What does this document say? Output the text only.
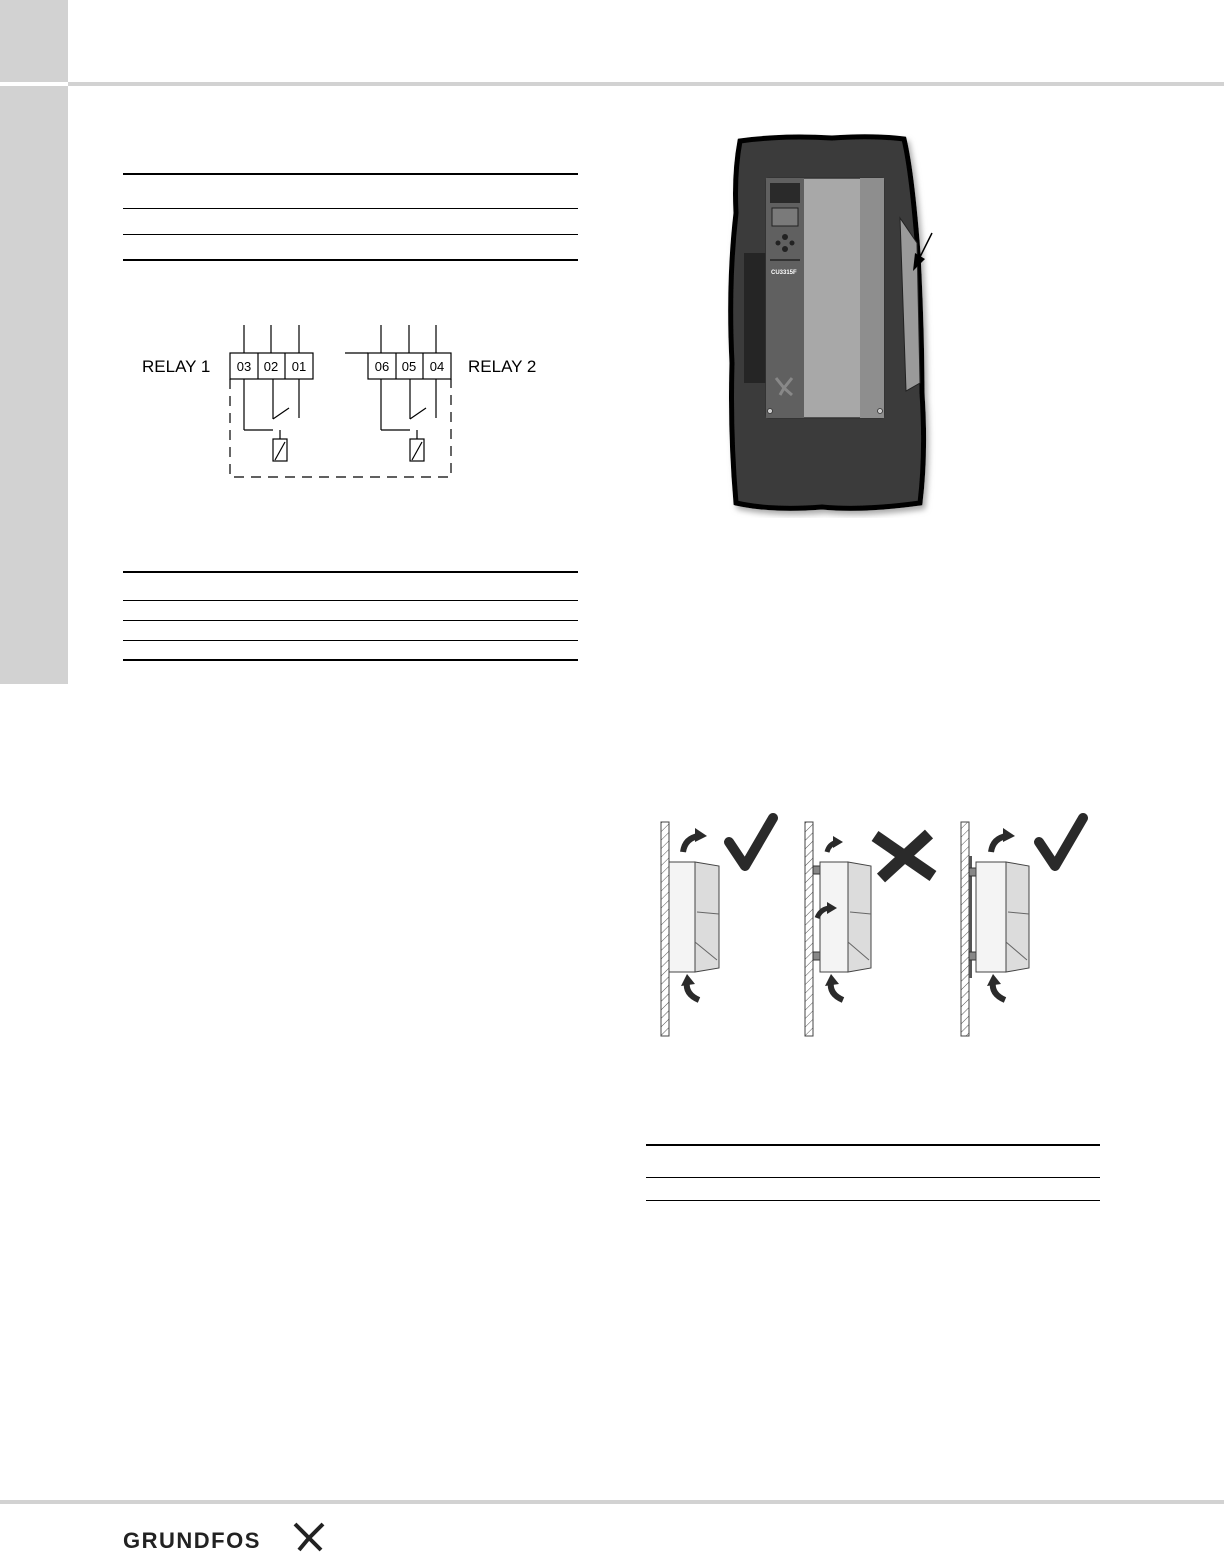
03 02 01	06 05 04
RELAY 1	RELAY 2
CU3315F
GRUNDFOS
